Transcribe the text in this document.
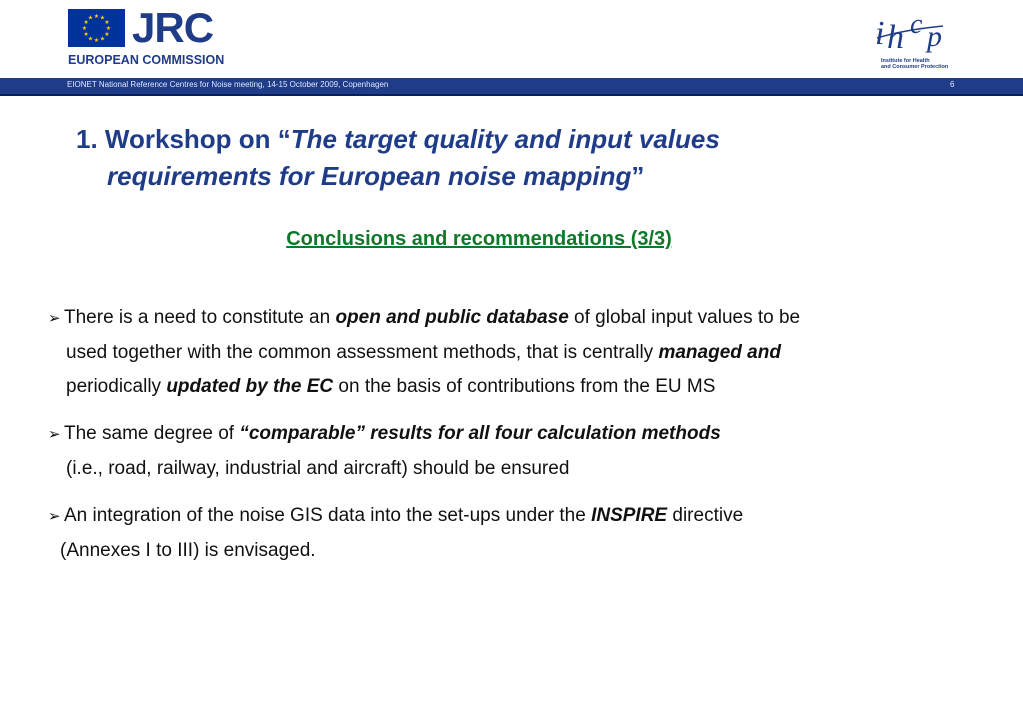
★
★
★
★
★
★
★
★
★ ★ ★
★ JRC
EUROPEAN COMMISSION
i h c p
Institute for Health
and Consumer Protection
EIONET National Reference Centres for Noise meeting, 14-15 October 2009, Copenhagen	6
1. Workshop on “The target quality and input values
requirements for European noise mapping”
Conclusions and recommendations (3/3)
➢ There is a need to constitute an open and public database of global input values to be
used together with the common assessment methods, that is centrally managed and
periodically updated by the EC on the basis of contributions from the EU MS
➢ The same degree of “comparable” results for all four calculation methods
(i.e., road, railway, industrial and aircraft) should be ensured
➢ An integration of the noise GIS data into the set-ups under the INSPIRE directive
(Annexes I to III) is envisaged.
